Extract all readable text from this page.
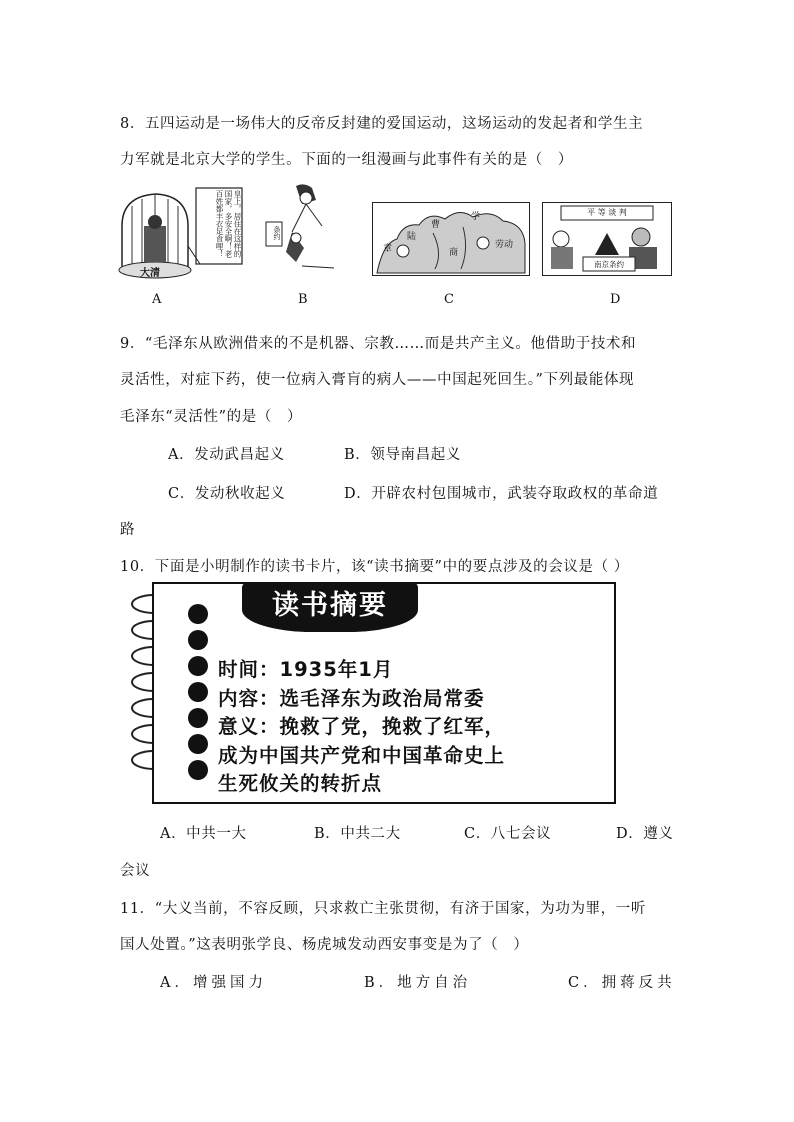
8．五四运动是一场伟大的反帝反封建的爱国运动，这场运动的发起者和学生主
力军就是北京大学的学生。下面的一组漫画与此事件有关的是（　）
皇上，居住在这样的国家，多安全啊！老百姓都丰衣足食哩！
大清
条约
学
曹
陆
章	商
劳动
平 等 谈 判
南京条约
A	B	C	D
9．“毛泽东从欧洲借来的不是机器、宗教……而是共产主义。他借助于技术和
灵活性，对症下药，使一位病入膏肓的病人——中国起死回生。”下列最能体现
毛泽东“灵活性”的是（　）
A．发动武昌起义	B．领导南昌起义
C．发动秋收起义	D．开辟农村包围城市，武装夺取政权的革命道
路
10．下面是小明制作的读书卡片，该“读书摘要”中的要点涉及的会议是（ ）
读书摘要
时间：1935年1月
内容：选毛泽东为政治局常委
意义：挽救了党，挽救了红军，
成为中国共产党和中国革命史上
生死攸关的转折点
A．中共一大	B．中共二大	C．八七会议	D．遵义
会议
11．“大义当前，不容反顾，只求救亡主张贯彻，有济于国家，为功为罪，一听
国人处置。”这表明张学良、杨虎城发动西安事变是为了（　）
A．增强国力	B．地方自治	C．拥蒋反共
